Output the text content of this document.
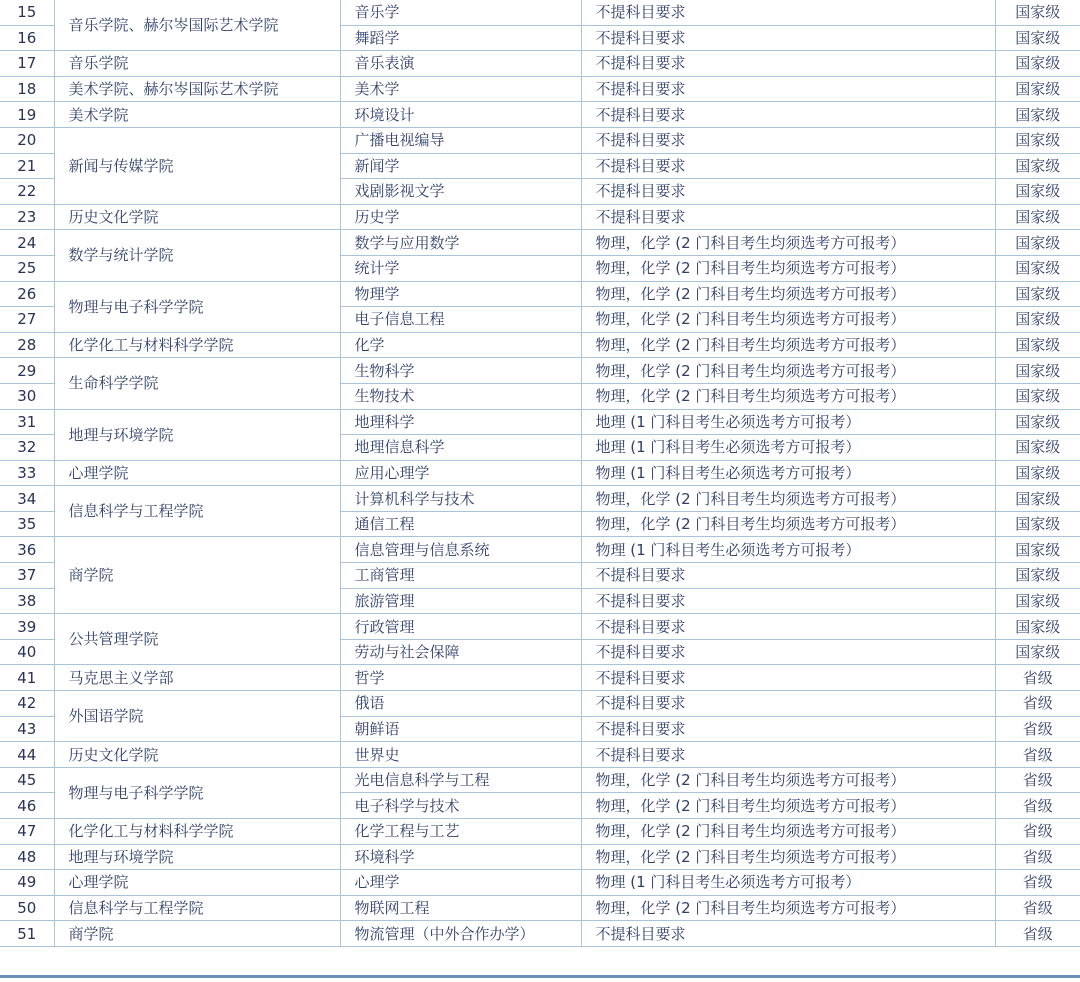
15	音乐学院、赫尔岑国际艺术学院	音乐学	不提科目要求	国家级
16		舞蹈学	不提科目要求	国家级
17	音乐学院	音乐表演	不提科目要求	国家级
18	美术学院、赫尔岑国际艺术学院	美术学	不提科目要求	国家级
19	美术学院	环境设计	不提科目要求	国家级
20	新闻与传媒学院	广播电视编导	不提科目要求	国家级
21		新闻学	不提科目要求	国家级
22		戏剧影视文学	不提科目要求	国家级
23	历史文化学院	历史学	不提科目要求	国家级
24	数学与统计学院	数学与应用数学	物理，化学 (2 门科目考生均须选考方可报考）	国家级
25		统计学	物理，化学 (2 门科目考生均须选考方可报考）	国家级
26	物理与电子科学学院	物理学	物理，化学 (2 门科目考生均须选考方可报考）	国家级
27		电子信息工程	物理，化学 (2 门科目考生均须选考方可报考）	国家级
28	化学化工与材料科学学院	化学	物理，化学 (2 门科目考生均须选考方可报考）	国家级
29	生命科学学院	生物科学	物理，化学 (2 门科目考生均须选考方可报考）	国家级
30		生物技术	物理，化学 (2 门科目考生均须选考方可报考）	国家级
31	地理与环境学院	地理科学	地理 (1 门科目考生必须选考方可报考）	国家级
32		地理信息科学	地理 (1 门科目考生必须选考方可报考）	国家级
33	心理学院	应用心理学	物理 (1 门科目考生必须选考方可报考）	国家级
34	信息科学与工程学院	计算机科学与技术	物理，化学 (2 门科目考生均须选考方可报考）	国家级
35		通信工程	物理，化学 (2 门科目考生均须选考方可报考）	国家级
36	商学院	信息管理与信息系统	物理 (1 门科目考生必须选考方可报考）	国家级
37		工商管理	不提科目要求	国家级
38		旅游管理	不提科目要求	国家级
39	公共管理学院	行政管理	不提科目要求	国家级
40		劳动与社会保障	不提科目要求	国家级
41	马克思主义学部	哲学	不提科目要求	省级
42	外国语学院	俄语	不提科目要求	省级
43		朝鲜语	不提科目要求	省级
44	历史文化学院	世界史	不提科目要求	省级
45	物理与电子科学学院	光电信息科学与工程	物理，化学 (2 门科目考生均须选考方可报考）	省级
46		电子科学与技术	物理，化学 (2 门科目考生均须选考方可报考）	省级
47	化学化工与材料科学学院	化学工程与工艺	物理，化学 (2 门科目考生均须选考方可报考）	省级
48	地理与环境学院	环境科学	物理，化学 (2 门科目考生均须选考方可报考）	省级
49	心理学院	心理学	物理 (1 门科目考生必须选考方可报考）	省级
50	信息科学与工程学院	物联网工程	物理，化学 (2 门科目考生均须选考方可报考）	省级
51	商学院	物流管理（中外合作办学）	不提科目要求	省级
